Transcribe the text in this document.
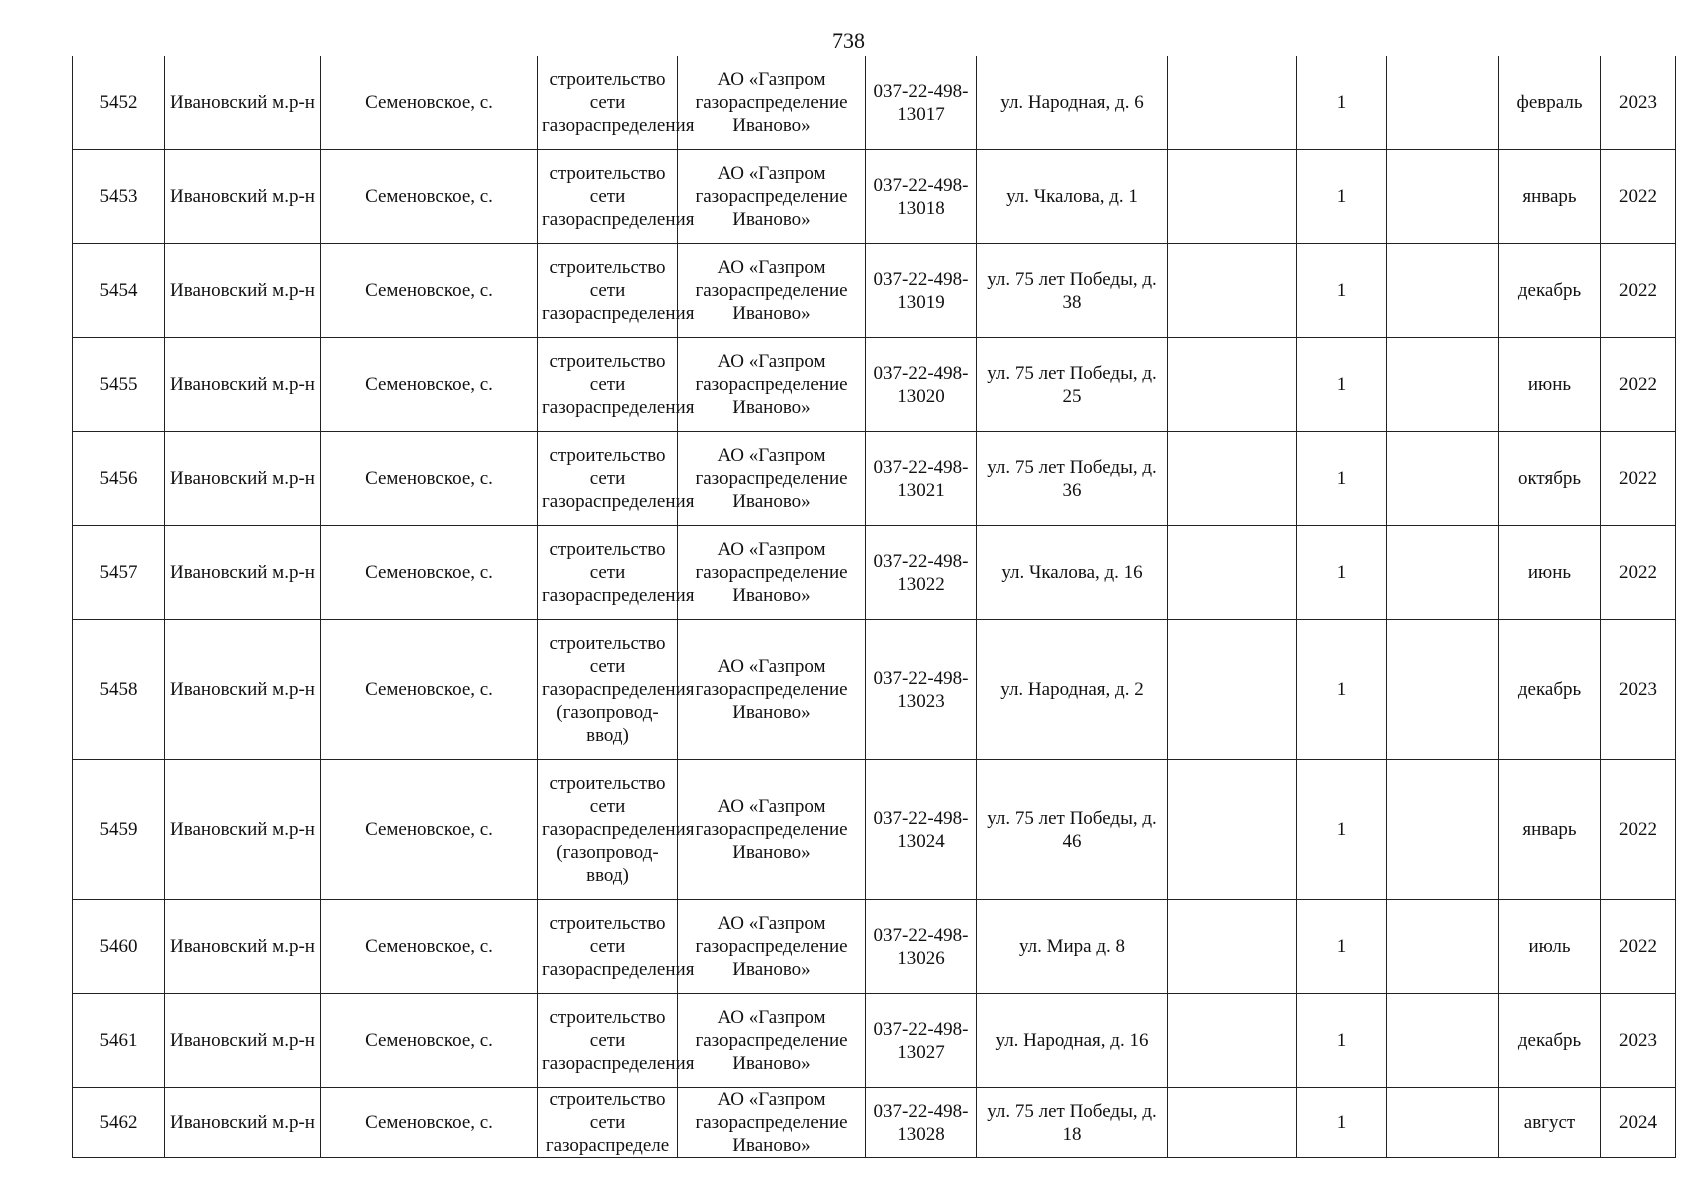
738
5452	Ивановский м.р-н	Семеновское, с.	строительство сети газораспределения	АО «Газпром газораспределение Иваново»	037-22-498-13017	ул. Народная, д. 6		1		февраль	2023
5453	Ивановский м.р-н	Семеновское, с.	строительство сети газораспределения	АО «Газпром газораспределение Иваново»	037-22-498-13018	ул. Чкалова, д. 1		1		январь	2022
5454	Ивановский м.р-н	Семеновское, с.	строительство сети газораспределения	АО «Газпром газораспределение Иваново»	037-22-498-13019	ул. 75 лет Победы, д. 38		1		декабрь	2022
5455	Ивановский м.р-н	Семеновское, с.	строительство сети газораспределения	АО «Газпром газораспределение Иваново»	037-22-498-13020	ул. 75 лет Победы, д. 25		1		июнь	2022
5456	Ивановский м.р-н	Семеновское, с.	строительство сети газораспределения	АО «Газпром газораспределение Иваново»	037-22-498-13021	ул. 75 лет Победы, д. 36		1		октябрь	2022
5457	Ивановский м.р-н	Семеновское, с.	строительство сети газораспределения	АО «Газпром газораспределение Иваново»	037-22-498-13022	ул. Чкалова, д. 16		1		июнь	2022
5458	Ивановский м.р-н	Семеновское, с.	строительство сети газораспределения (газопровод-ввод)	АО «Газпром газораспределение Иваново»	037-22-498-13023	ул. Народная, д. 2		1		декабрь	2023
5459	Ивановский м.р-н	Семеновское, с.	строительство сети газораспределения (газопровод-ввод)	АО «Газпром газораспределение Иваново»	037-22-498-13024	ул. 75 лет Победы, д. 46		1		январь	2022
5460	Ивановский м.р-н	Семеновское, с.	строительство сети газораспределения	АО «Газпром газораспределение Иваново»	037-22-498-13026	ул. Мира д. 8		1		июль	2022
5461	Ивановский м.р-н	Семеновское, с.	строительство сети газораспределения	АО «Газпром газораспределение Иваново»	037-22-498-13027	ул. Народная, д. 16		1		декабрь	2023
5462	Ивановский м.р-н	Семеновское, с.	строительство сети газораспределе	АО «Газпром газораспределение Иваново»	037-22-498-13028	ул. 75 лет Победы, д. 18		1		август	2024
